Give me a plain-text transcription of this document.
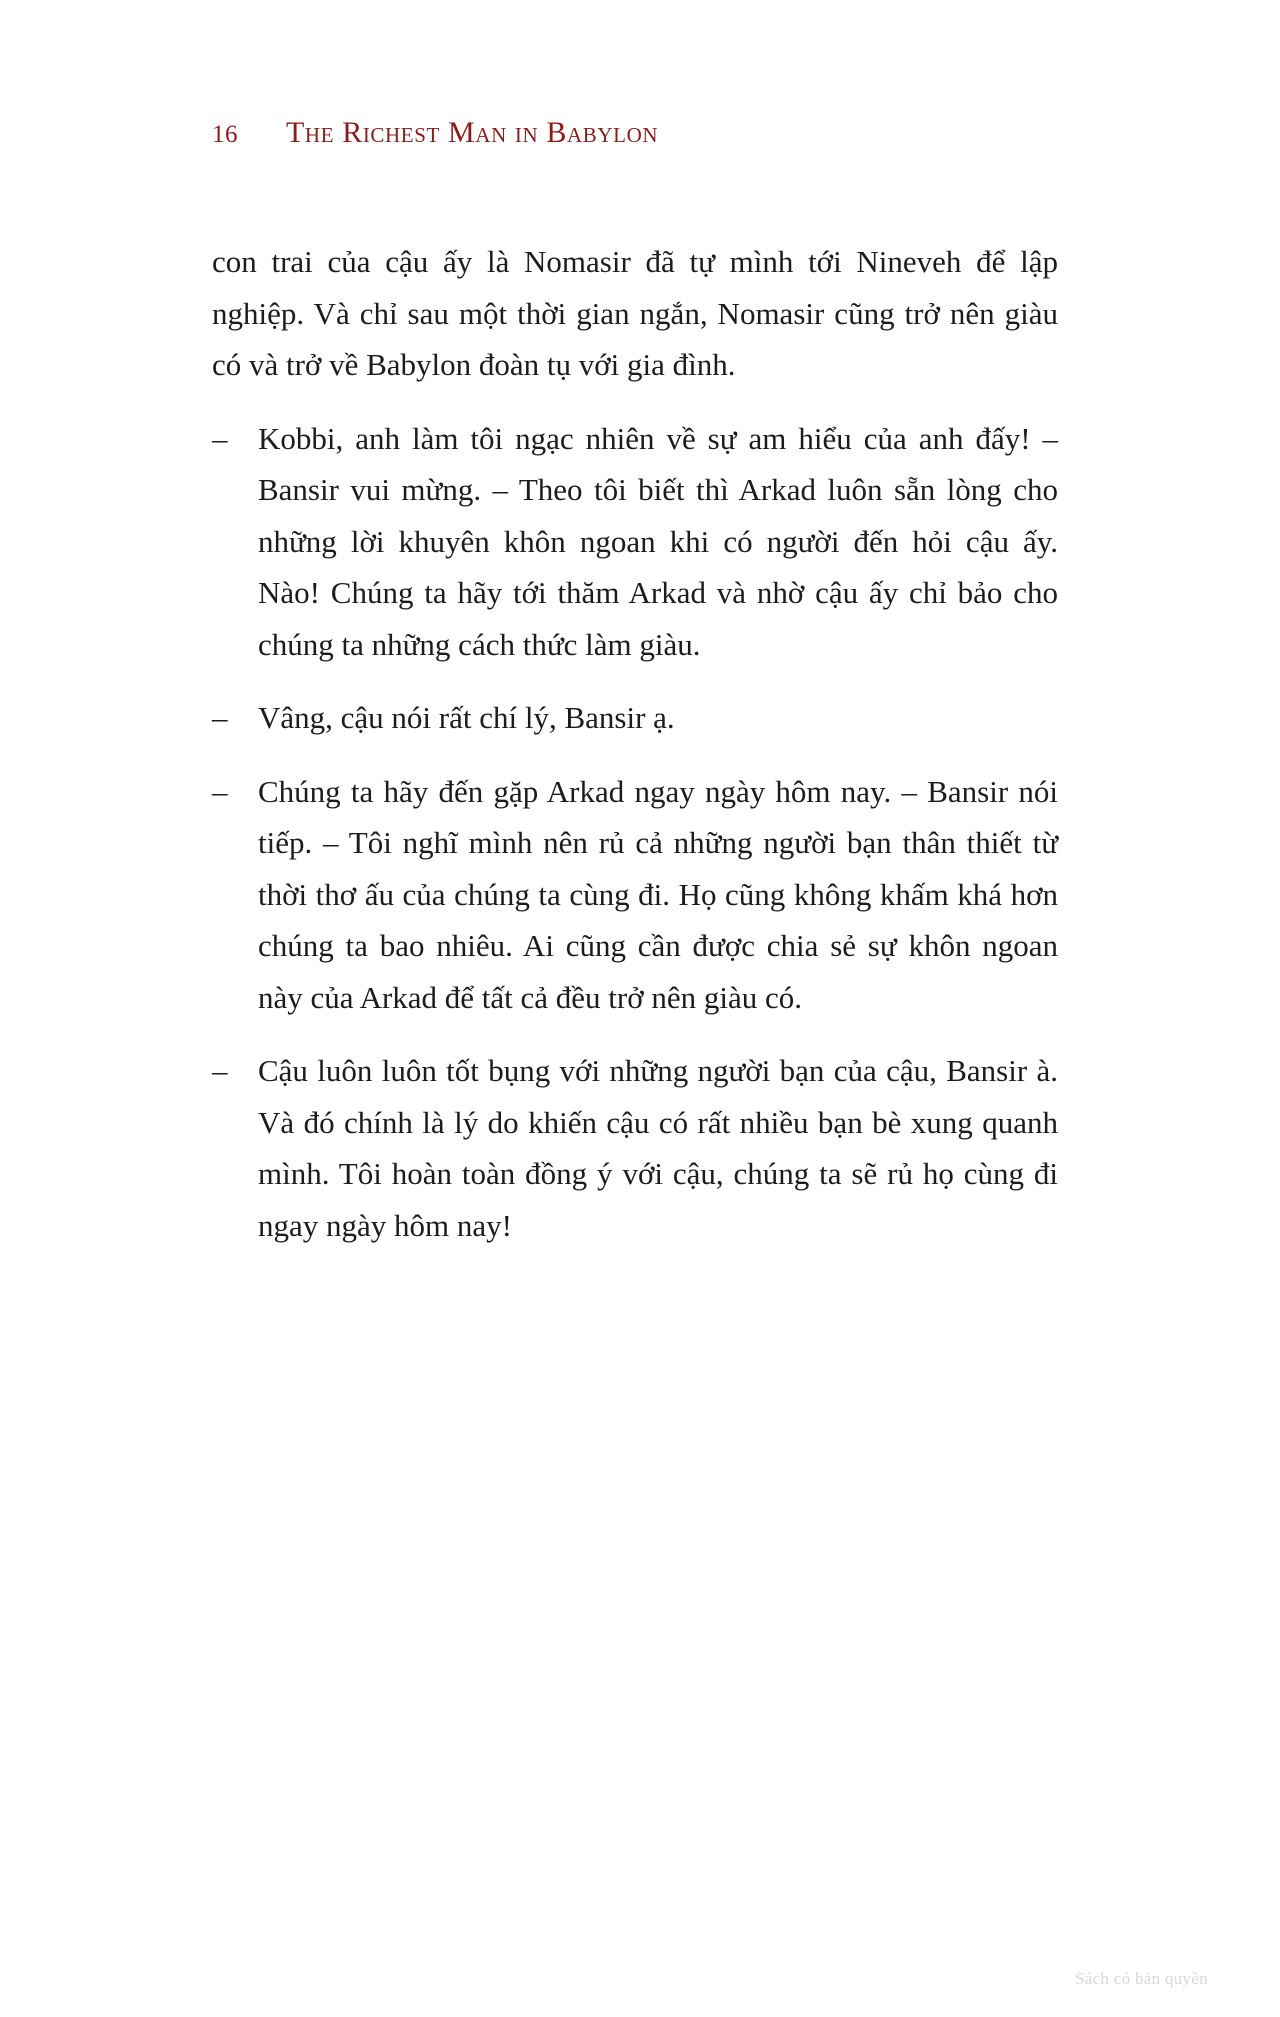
16 The Richest Man in Babylon

con trai của cậu ấy là Nomasir đã tự mình tới Nineveh để lập nghiệp. Và chỉ sau một thời gian ngắn, Nomasir cũng trở nên giàu có và trở về Babylon đoàn tụ với gia đình.

– Kobbi, anh làm tôi ngạc nhiên về sự am hiểu của anh đấy! – Bansir vui mừng. – Theo tôi biết thì Arkad luôn sẵn lòng cho những lời khuyên khôn ngoan khi có người đến hỏi cậu ấy. Nào! Chúng ta hãy tới thăm Arkad và nhờ cậu ấy chỉ bảo cho chúng ta những cách thức làm giàu.

– Vâng, cậu nói rất chí lý, Bansir ạ.

– Chúng ta hãy đến gặp Arkad ngay ngày hôm nay. – Bansir nói tiếp. – Tôi nghĩ mình nên rủ cả những người bạn thân thiết từ thời thơ ấu của chúng ta cùng đi. Họ cũng không khấm khá hơn chúng ta bao nhiêu. Ai cũng cần được chia sẻ sự khôn ngoan này của Arkad để tất cả đều trở nên giàu có.

– Cậu luôn luôn tốt bụng với những người bạn của cậu, Bansir à. Và đó chính là lý do khiến cậu có rất nhiều bạn bè xung quanh mình. Tôi hoàn toàn đồng ý với cậu, chúng ta sẽ rủ họ cùng đi ngay ngày hôm nay!

Sách có bản quyền
